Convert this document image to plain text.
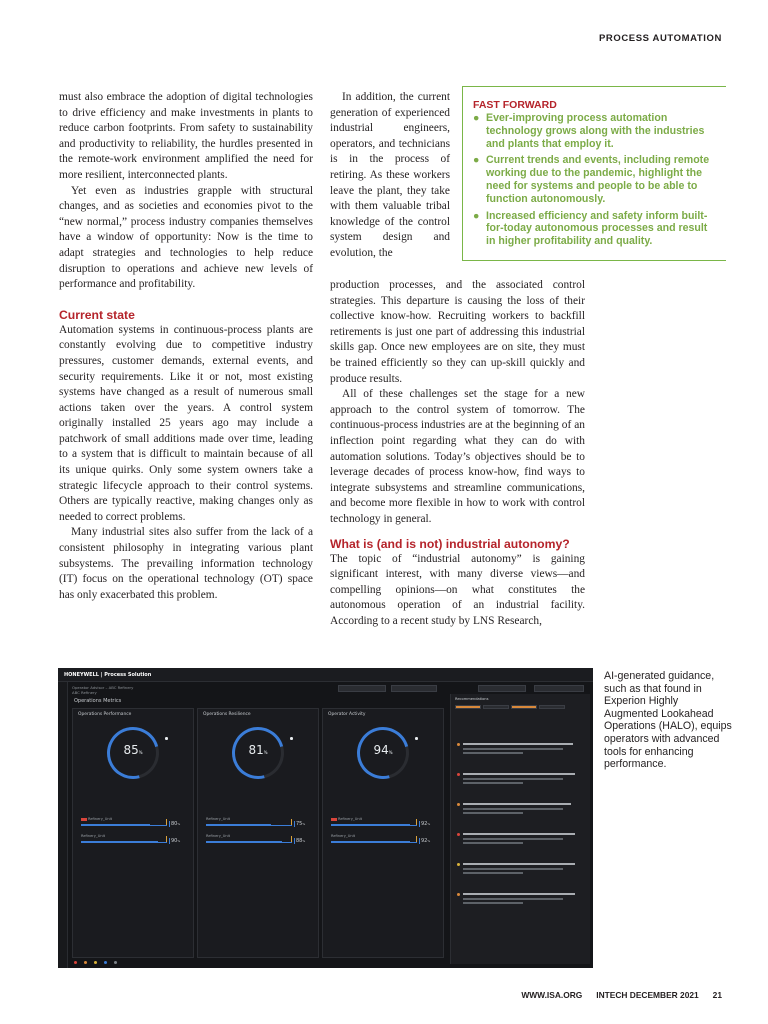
PROCESS AUTOMATION

must also embrace the adoption of digital technologies to drive efficiency and make investments in plants to reduce carbon footprints. From safety to sustainability and productivity to reliability, the hurdles presented in the remote-work environment amplified the need for more resilient, interconnected plants.

Yet even as industries grapple with structural changes, and as societies and economies pivot to the “new normal,” process industry companies themselves have a window of opportunity: Now is the time to adapt strategies and technologies to help reduce disruption to operations and achieve new levels of performance and profitability.

Current state

Automation systems in continuous-process plants are constantly evolving due to competitive industry pressures, customer demands, external events, and security requirements. Like it or not, most existing systems have changed as a result of numerous small actions taken over the years. A control system originally installed 25 years ago may include a patchwork of small additions made over time, leading to a system that is difficult to maintain because of all its unique quirks. Only some system owners take a strategic lifecycle approach to their control systems. Others are typically reactive, making changes only as needed to correct problems.

Many industrial sites also suffer from the lack of a consistent philosophy in integrating various plant subsystems. The prevailing information technology (IT) focus on the operational technology (OT) space has only exacerbated this problem.

In addition, the current generation of experienced industrial engineers, operators, and technicians is in the process of retiring. As these workers leave the plant, they take with them valuable tribal knowledge of the control system design and evolution, the

production processes, and the associated control strategies. This departure is causing the loss of their collective know-how. Recruiting workers to backfill retirements is just one part of addressing this industrial skills gap. Once new employees are on site, they must be trained efficiently so they can up-skill quickly and produce results.

All of these challenges set the stage for a new approach to the control system of tomorrow. The continuous-process industries are at the beginning of an inflection point regarding what they can do with automation solutions. Today’s objectives should be to leverage decades of process know-how, find ways to integrate subsystems and streamline communications, and become more flexible in how to work with control technology in general.

What is (and is not) industrial autonomy?

The topic of “industrial autonomy” is gaining significant interest, with many diverse views—and compelling opinions—on what constitutes the autonomous operation of an industrial facility. According to a recent study by LNS Research,

FAST FORWARD
● Ever-improving process automation technology grows along with the industries and plants that employ it.
● Current trends and events, including remote working due to the pandemic, highlight the need for systems and people to be able to function autonomously.
● Increased efficiency and safety inform built-for-today autonomous processes and result in higher profitability and quality.
HONEYWELL | Process Solution
Operator Advisor – ABC Refinery
ABC Refinery
Operations Metrics
Operations Performance
85%
Refinery_Unit
80%
Refinery_Unit
90%
Operations Resilience
81%
Refinery_Unit
75%
Refinery_Unit
88%
Operator Activity
94%
Refinery_Unit
92%
Refinery_Unit
92%
Recommendations
AI-generated guidance, such as that found in Experion Highly Augmented Lookahead Operations (HALO), equips operators with advanced tools for enhancing performance.
WWW.ISA.ORG INTECH DECEMBER 2021 21
